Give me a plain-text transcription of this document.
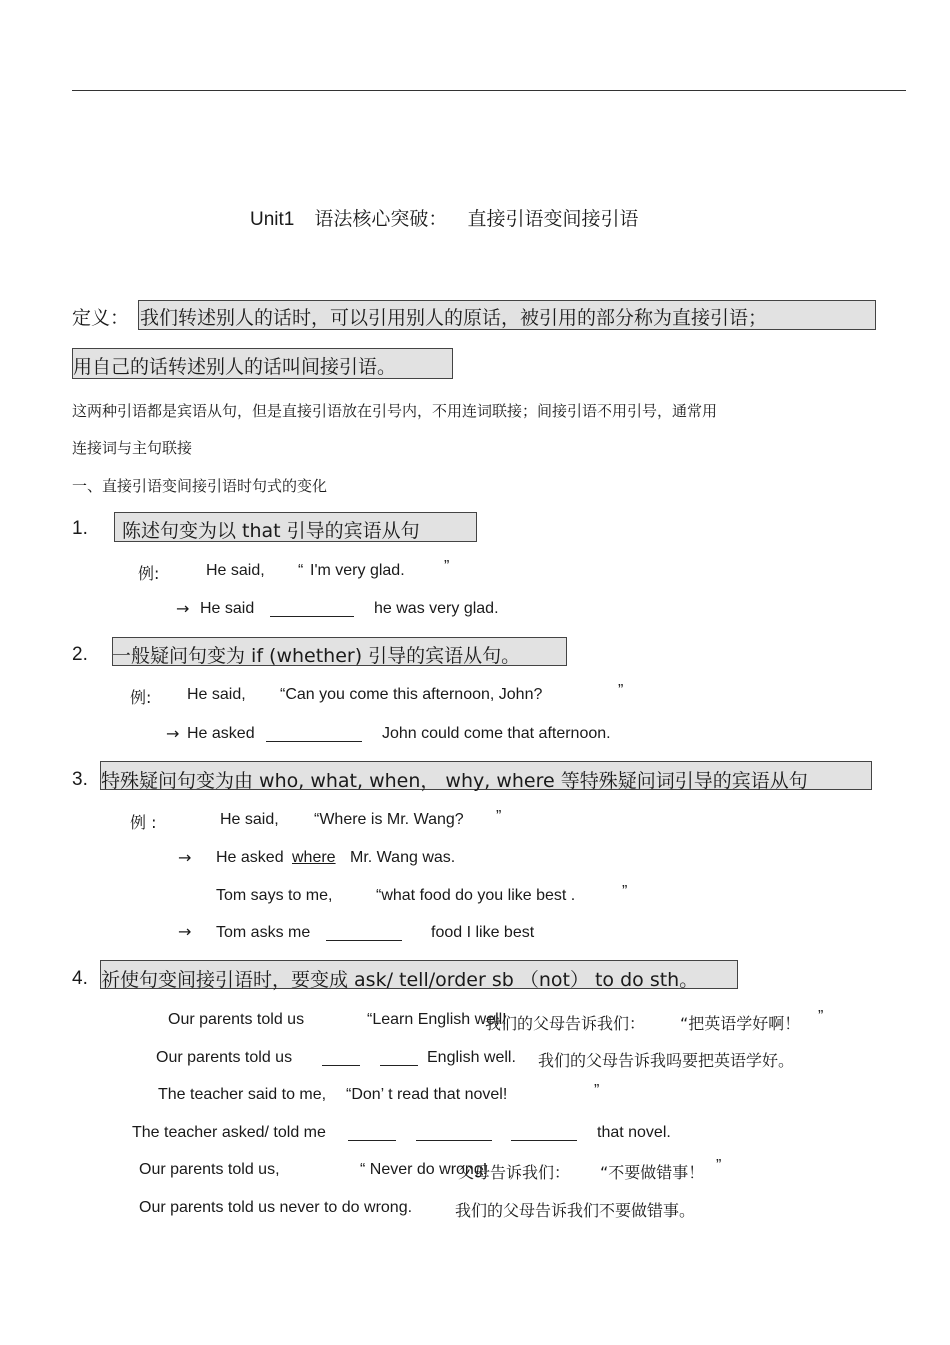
Unit1 语法核心突破： 直接引语变间接引语
定义： 我们转述别人的话时，可以引用别人的原话，被引用的部分称为直接引语；
用自己的话转述别人的话叫间接引语。
这两种引语都是宾语从句，但是直接引语放在引号内，不用连词联接；间接引语不用引号，通常用
连接词与主句联接
一、直接引语变间接引语时句式的变化
1. 陈述句变为以 that 引导的宾语从句
例:	He said, “ I'm very glad. ”
→ He said	he was very glad.
2. 一般疑问句变为 if (whether) 引导的宾语从句。
例: He said, “Can you come this afternoon, John?	”
→ He asked	John could come that afternoon.
3. 特殊疑问句变为由 who, what, when， why, where 等特殊疑问词引导的宾语从句
例 :	He said, “Where is Mr. Wang? ”
→ He asked where Mr. Wang was.
Tom says to me,	“what food do you like best .	”
→ Tom asks me	food I like best
4. 祈使句变间接引语时，要变成 ask/ tell/order sb （not） to do sth。
Our parents told us	“Learn English well!
我们的父母告诉我们： “把英语学好啊！ ”
Our parents told us	English well. 我们的父母告诉我吗要把英语学好。
The teacher said to me, “Don’ t read that novel!	”
The teacher asked/ told me	that novel.
Our parents told us,	“ Never do wrong!
父母告诉我们： “不要做错事！ ”
Our parents told us never to do wrong.	我们的父母告诉我们不要做错事。
